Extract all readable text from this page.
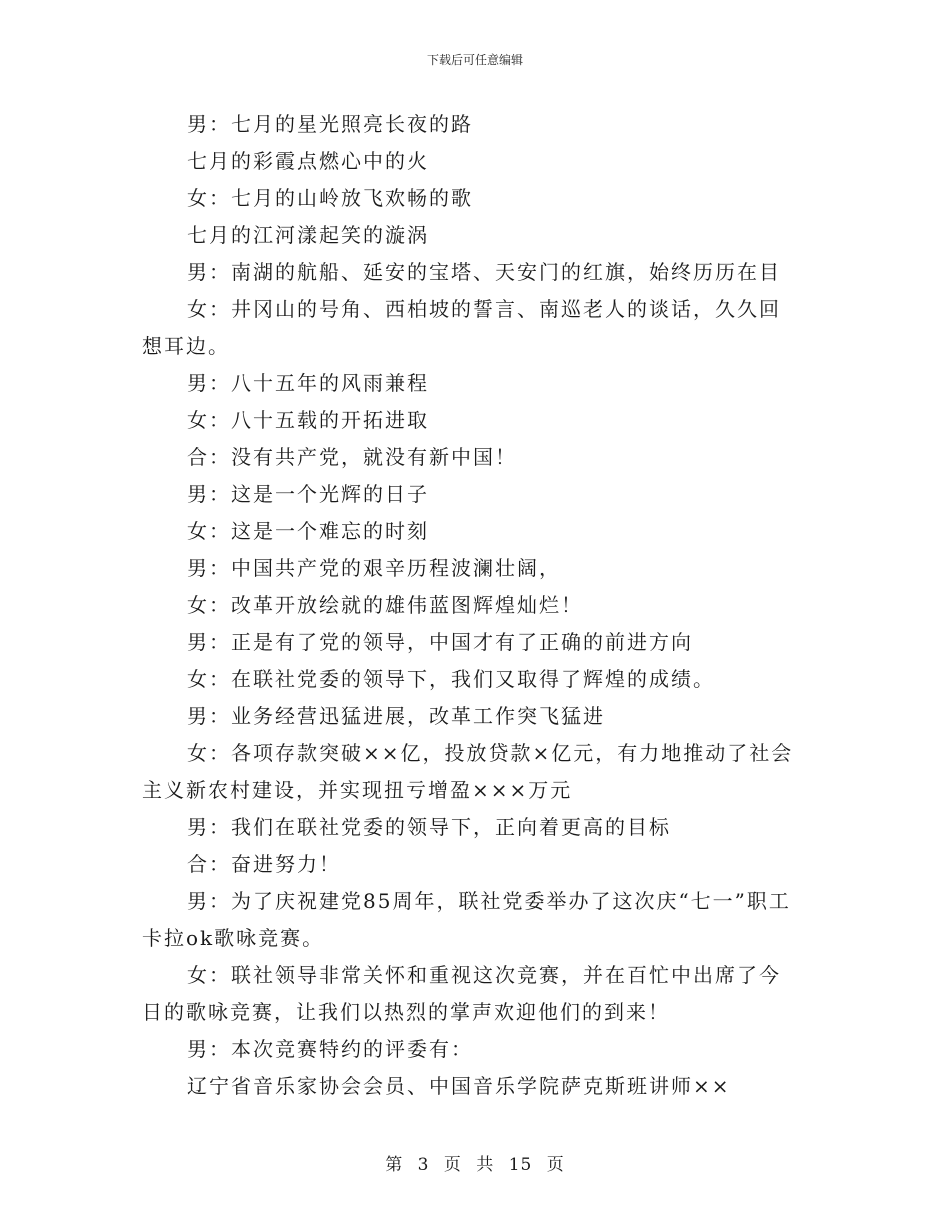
下载后可任意编辑

男：七月的星光照亮长夜的路

七月的彩霞点燃心中的火

女：七月的山岭放飞欢畅的歌

七月的江河漾起笑的漩涡

男：南湖的航船、延安的宝塔、天安门的红旗，始终历历在目

女：井冈山的号角、西柏坡的誓言、南巡老人的谈话，久久回想耳边。

男：八十五年的风雨兼程

女：八十五载的开拓进取

合：没有共产党，就没有新中国！

男：这是一个光辉的日子

女：这是一个难忘的时刻

男：中国共产党的艰辛历程波澜壮阔，

女：改革开放绘就的雄伟蓝图辉煌灿烂！

男：正是有了党的领导，中国才有了正确的前进方向

女：在联社党委的领导下，我们又取得了辉煌的成绩。

男：业务经营迅猛进展，改革工作突飞猛进

女：各项存款突破××亿，投放贷款×亿元，有力地推动了社会主义新农村建设，并实现扭亏增盈×××万元

男：我们在联社党委的领导下，正向着更高的目标

合：奋进努力！

男：为了庆祝建党85周年，联社党委举办了这次庆“七一”职工卡拉ok歌咏竞赛。

女：联社领导非常关怀和重视这次竞赛，并在百忙中出席了今日的歌咏竞赛，让我们以热烈的掌声欢迎他们的到来！

男：本次竞赛特约的评委有：

辽宁省音乐家协会会员、中国音乐学院萨克斯班讲师××

第 3 页 共 15 页
